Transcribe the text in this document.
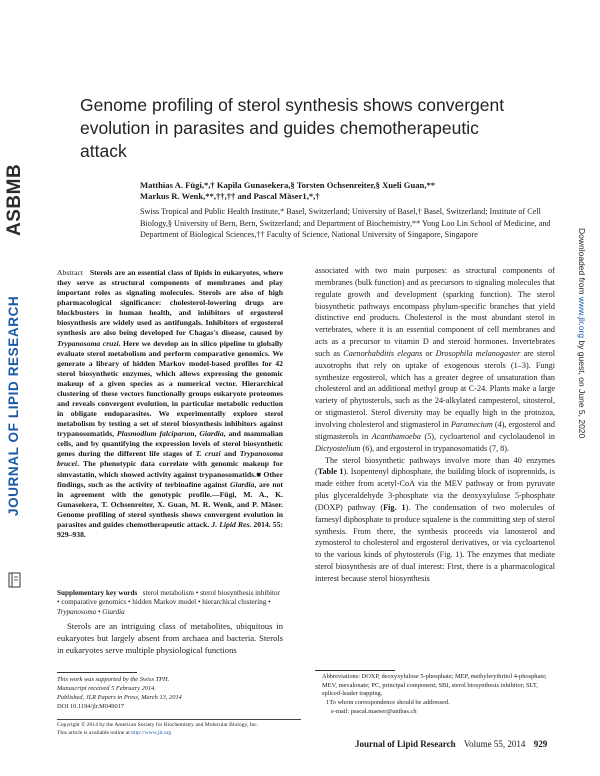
ASBMB
JOURNAL OF LIPID RESEARCH
Downloaded from www.jlr.org by guest, on June 5, 2020
Genome profiling of sterol synthesis shows convergent evolution in parasites and guides chemotherapeutic attack
Matthias A. Fügi,*,† Kapila Gunasekera,§ Torsten Ochsenreiter,§ Xueli Guan,**
Markus R. Wenk,**,††,†† and Pascal Mäser1,*,†
Swiss Tropical and Public Health Institute,* Basel, Switzerland; University of Basel,† Basel, Switzerland; Institute of Cell Biology,§ University of Bern, Bern, Switzerland; and Department of Biochemistry,** Yong Loo Lin School of Medicine, and Department of Biological Sciences,†† Faculty of Science, National University of Singapore, Singapore
Abstract Sterols are an essential class of lipids in eukaryotes, where they serve as structural components of membranes and play important roles as signaling molecules. Sterols are also of high pharmacological significance: cholesterol-lowering drugs are blockbusters in human health, and inhibitors of ergosterol biosynthesis are widely used as antifungals. Inhibitors of ergosterol synthesis are also being developed for Chagas's disease, caused by Trypanosoma cruzi. Here we develop an in silico pipeline to globally evaluate sterol metabolism and perform comparative genomics. We generate a library of hidden Markov model-based profiles for 42 sterol biosynthetic enzymes, which allows expressing the genomic makeup of a given species as a numerical vector. Hierarchical clustering of these vectors functionally groups eukaryote proteomes and reveals convergent evolution, in particular metabolic reduction in obligate endoparasites. We experimentally explore sterol metabolism by testing a set of sterol biosynthesis inhibitors against trypanosomatids, Plasmodium falciparum, Giardia, and mammalian cells, and by quantifying the expression levels of sterol biosynthetic genes during the different life stages of T. cruzi and Trypanosoma brucei. The phenotypic data correlate with genomic makeup for simvastatin, which showed activity against trypanosomatids.■ Other findings, such as the activity of terbinafine against Giardia, are not in agreement with the genotypic profile.—Fügi, M. A., K. Gunasekera, T. Ochsenreiter, X. Guan, M. R. Wenk, and P. Mäser. Genome profiling of sterol synthesis shows convergent evolution in parasites and guides chemotherapeutic attack. J. Lipid Res. 2014. 55: 929–938.
Supplementary key words sterol metabolism • sterol biosynthesis inhibitor • comparative genomics • hidden Markov model • hierarchical clustering • Trypanosoma • Giardia
Sterols are an intriguing class of metabolites, ubiquitous in eukaryotes but largely absent from archaea and bacteria. Sterols in eukaryotes serve multiple physiological functions
This work was supported by the Swiss TPH.
Manuscript received 5 February 2014.
Published, JLR Papers in Press, March 13, 2014
DOI 10.1194/jlr.M049017
Copyright © 2014 by the American Society for Biochemistry and Molecular Biology, Inc.
This article is available online at http://www.jlr.org

associated with two main purposes: as structural components of membranes (bulk function) and as precursors to signaling molecules that regulate growth and development (sparking function). The sterol biosynthetic pathways encompass phylum-specific branches that yield distinctive end products. Cholesterol is the most abundant sterol in vertebrates, where it is an essential component of cell membranes and acts as a precursor to vitamin D and steroid hormones. Invertebrates such as Caenorhabditis elegans or Drosophila melanogaster are sterol auxotrophs that rely on uptake of exogenous sterols (1–3). Fungi synthesize ergosterol, which has a greater degree of unsaturation than cholesterol and an additional methyl group at C-24. Plants make a large variety of phytosterols, such as the 24-alkylated campesterol, sitosterol, or stigmasterol. Sterol diversity may be equally high in the protozoa, involving cholesterol and stigmasterol in Paramecium (4), ergosterol and stigmasterols in Acanthamoeba (5), cycloartenol and cyclolaudenol in Dictyostelium (6), and ergosterol in trypanosomatids (7, 8).

The sterol biosynthetic pathways involve more than 40 enzymes (Table 1). Isopentenyl diphosphate, the building block of isoprenoids, is made either from acetyl-CoA via the MEV pathway or from pyruvate plus glyceraldehyde 3-phosphate via the deoxyxylulose 5-phosphate (DOXP) pathway (Fig. 1). The condensation of two molecules of farnesyl diphosphate to produce squalene is the committing step of sterol synthesis. From there, the synthesis proceeds via lanosterol and zymosterol to cholesterol and ergosterol derivatives, or via cycloartenol to the various kinds of phytosterols (Fig. 1). The enzymes that mediate sterol biosynthesis are of dual interest: First, there is a pharmacological interest because sterol biosynthesis

Abbreviations: DOXP, deoxyxylulose 5-phosphate; MEP, methylerythritol 4-phosphate; MEV, mevalonate; PC, principal component; SBI, sterol biosynthesis inhibitor; SLT, spliced-leader trapping.
1To whom correspondence should be addressed.
e-mail: pascal.maeser@unibas.ch
Journal of Lipid Research Volume 55, 2014 929
